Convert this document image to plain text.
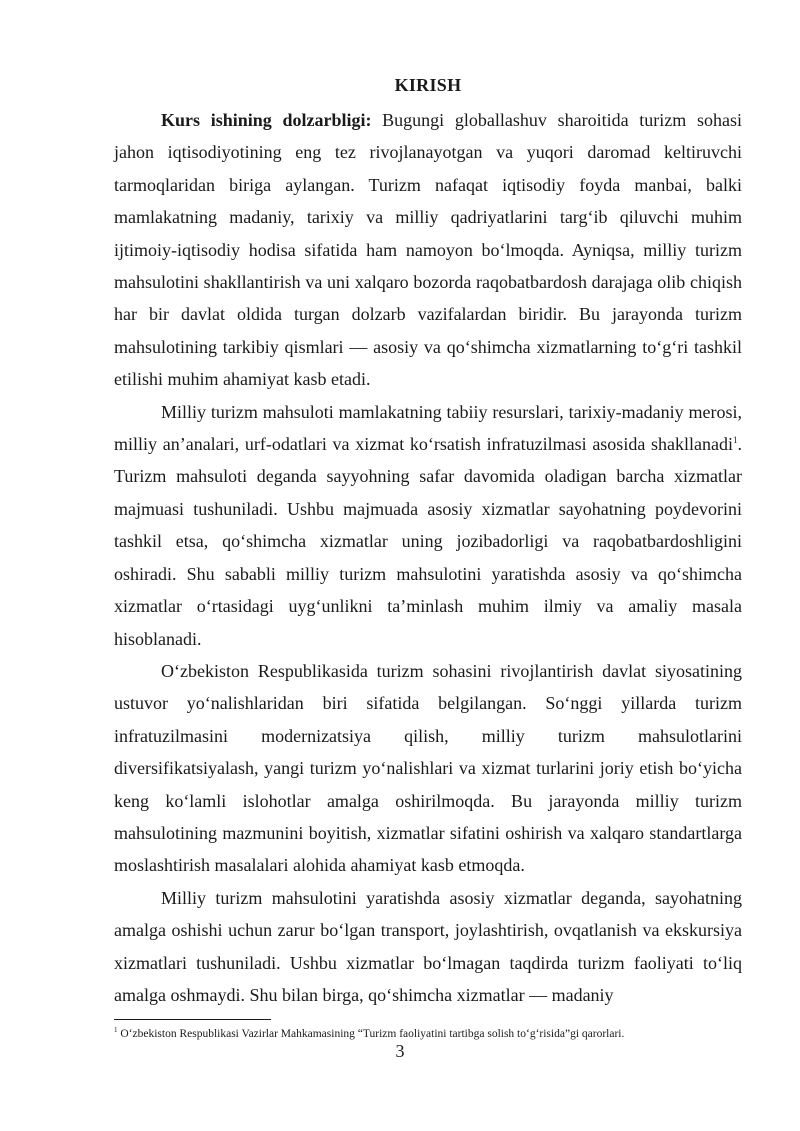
KIRISH

Kurs ishining dolzarbligi: Bugungi globallashuv sharoitida turizm sohasi jahon iqtisodiyotining eng tez rivojlanayotgan va yuqori daromad keltiruvchi tarmoqlaridan biriga aylangan. Turizm nafaqat iqtisodiy foyda manbai, balki mamlakatning madaniy, tarixiy va milliy qadriyatlarini targ‘ib qiluvchi muhim ijtimoiy-iqtisodiy hodisa sifatida ham namoyon bo‘lmoqda. Ayniqsa, milliy turizm mahsulotini shakllantirish va uni xalqaro bozorda raqobatbardosh darajaga olib chiqish har bir davlat oldida turgan dolzarb vazifalardan biridir. Bu jarayonda turizm mahsulotining tarkibiy qismlari — asosiy va qo‘shimcha xizmatlarning to‘g‘ri tashkil etilishi muhim ahamiyat kasb etadi.

Milliy turizm mahsuloti mamlakatning tabiiy resurslari, tarixiy-madaniy merosi, milliy an’analari, urf-odatlari va xizmat ko‘rsatish infratuzilmasi asosida shakllanadi$^1$. Turizm mahsuloti deganda sayyohning safar davomida oladigan barcha xizmatlar majmuasi tushuniladi. Ushbu majmuada asosiy xizmatlar sayohatning poydevorini tashkil etsa, qo‘shimcha xizmatlar uning jozibadorligi va raqobatbardoshligini oshiradi. Shu sababli milliy turizm mahsulotini yaratishda asosiy va qo‘shimcha xizmatlar o‘rtasidagi uyg‘unlikni ta’minlash muhim ilmiy va amaliy masala hisoblanadi.

O‘zbekiston Respublikasida turizm sohasini rivojlantirish davlat siyosatining ustuvor yo‘nalishlaridan biri sifatida belgilangan. So‘nggi yillarda turizm infratuzilmasini modernizatsiya qilish, milliy turizm mahsulotlarini diversifikatsiyalash, yangi turizm yo‘nalishlari va xizmat turlarini joriy etish bo‘yicha keng ko‘lamli islohotlar amalga oshirilmoqda. Bu jarayonda milliy turizm mahsulotining mazmunini boyitish, xizmatlar sifatini oshirish va xalqaro standartlarga moslashtirish masalalari alohida ahamiyat kasb etmoqda.

Milliy turizm mahsulotini yaratishda asosiy xizmatlar deganda, sayohatning amalga oshishi uchun zarur bo‘lgan transport, joylashtirish, ovqatlanish va ekskursiya xizmatlari tushuniladi. Ushbu xizmatlar bo‘lmagan taqdirda turizm faoliyati to‘liq amalga oshmaydi. Shu bilan birga, qo‘shimcha xizmatlar — madaniy

$^1$ O‘zbekiston Respublikasi Vazirlar Mahkamasining “Turizm faoliyatini tartibga solish to‘g‘risida”gi qarorlari.
3
